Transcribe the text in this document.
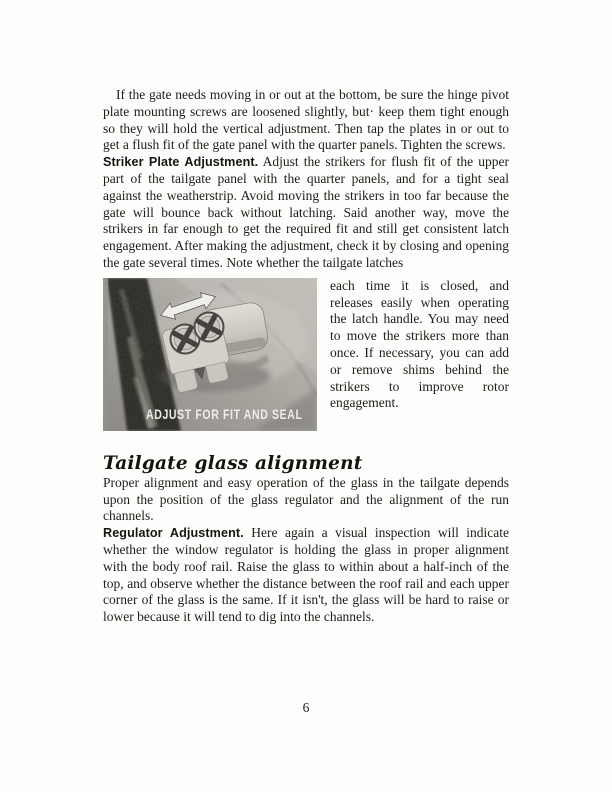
If the gate needs moving in or out at the bottom, be sure the hinge pivot plate mounting screws are loosened slightly, but· keep them tight enough so they will hold the vertical adjustment. Then tap the plates in or out to get a flush fit of the gate panel with the quarter panels. Tighten the screws.

Striker Plate Adjustment. Adjust the strikers for flush fit of the upper part of the tailgate panel with the quarter panels, and for a tight seal against the weatherstrip. Avoid moving the strikers in too far because the gate will bounce back without latching. Said another way, move the strikers in far enough to get the required fit and still get consistent latch engagement. After making the adjustment, check it by closing and opening the gate several times. Note whether the tailgate latches

ADJUST FOR FIT AND SEAL

each time it is closed, and releases easily when operating the latch handle. You may need to move the strikers more than once. If necessary, you can add or remove shims behind the strikers to improve rotor engagement.

Tailgate glass alignment

Proper alignment and easy operation of the glass in the tailgate depends upon the position of the glass regulator and the alignment of the run channels.

Regulator Adjustment. Here again a visual inspection will indicate whether the window regulator is holding the glass in proper alignment with the body roof rail. Raise the glass to within about a half-inch of the top, and observe whether the distance between the roof rail and each upper corner of the glass is the same. If it isn't, the glass will be hard to raise or lower because it will tend to dig into the channels.

6
